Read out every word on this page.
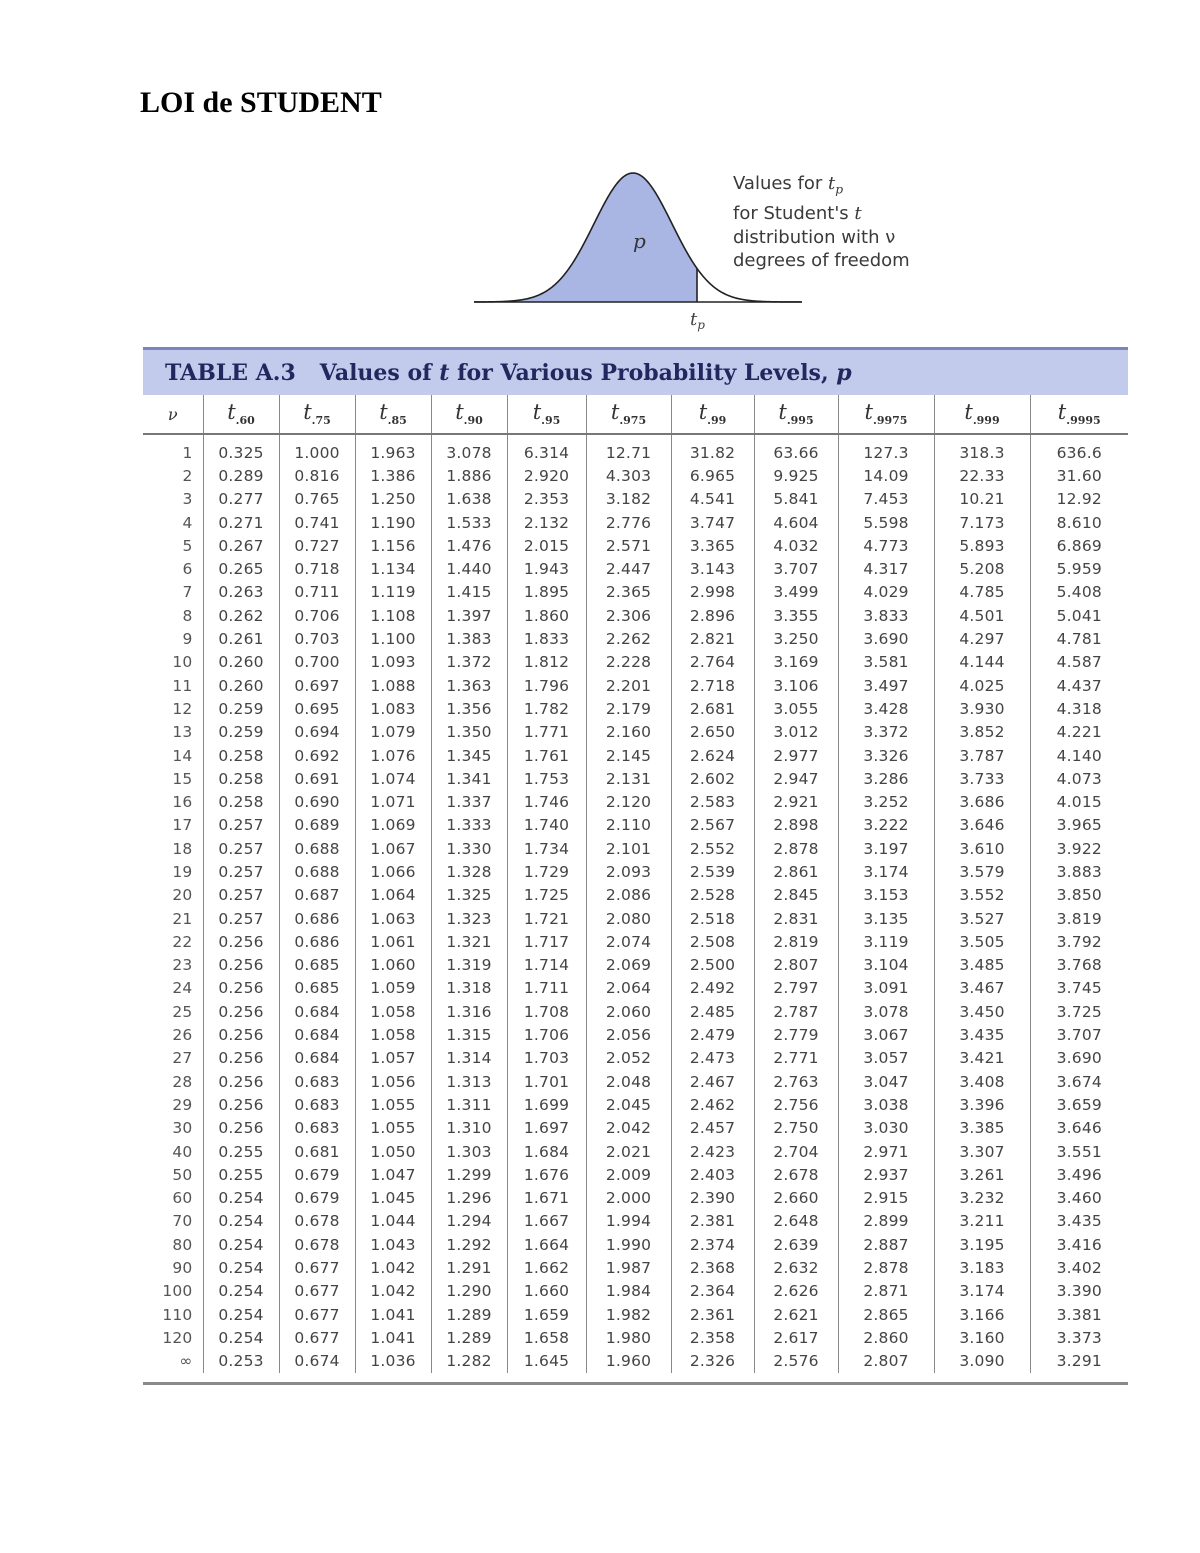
LOI de STUDENT
p
$t_p$
Values for $t_p$
for Student's t
distribution with ν
degrees of freedom
TABLE A.3 Values of t for Various Probability Levels, p
ν	$t_{.60}$	$t_{.75}$	$t_{.85}$	$t_{.90}$	$t_{.95}$	$t_{.975}$	$t_{.99}$	$t_{.995}$	$t_{.9975}$	$t_{.999}$	$t_{.9995}$
1	0.325	1.000	1.963	3.078	6.314	12.71	31.82	63.66	127.3	318.3	636.6
2	0.289	0.816	1.386	1.886	2.920	4.303	6.965	9.925	14.09	22.33	31.60
3	0.277	0.765	1.250	1.638	2.353	3.182	4.541	5.841	7.453	10.21	12.92
4	0.271	0.741	1.190	1.533	2.132	2.776	3.747	4.604	5.598	7.173	8.610
5	0.267	0.727	1.156	1.476	2.015	2.571	3.365	4.032	4.773	5.893	6.869
6	0.265	0.718	1.134	1.440	1.943	2.447	3.143	3.707	4.317	5.208	5.959
7	0.263	0.711	1.119	1.415	1.895	2.365	2.998	3.499	4.029	4.785	5.408
8	0.262	0.706	1.108	1.397	1.860	2.306	2.896	3.355	3.833	4.501	5.041
9	0.261	0.703	1.100	1.383	1.833	2.262	2.821	3.250	3.690	4.297	4.781
10	0.260	0.700	1.093	1.372	1.812	2.228	2.764	3.169	3.581	4.144	4.587
11	0.260	0.697	1.088	1.363	1.796	2.201	2.718	3.106	3.497	4.025	4.437
12	0.259	0.695	1.083	1.356	1.782	2.179	2.681	3.055	3.428	3.930	4.318
13	0.259	0.694	1.079	1.350	1.771	2.160	2.650	3.012	3.372	3.852	4.221
14	0.258	0.692	1.076	1.345	1.761	2.145	2.624	2.977	3.326	3.787	4.140
15	0.258	0.691	1.074	1.341	1.753	2.131	2.602	2.947	3.286	3.733	4.073
16	0.258	0.690	1.071	1.337	1.746	2.120	2.583	2.921	3.252	3.686	4.015
17	0.257	0.689	1.069	1.333	1.740	2.110	2.567	2.898	3.222	3.646	3.965
18	0.257	0.688	1.067	1.330	1.734	2.101	2.552	2.878	3.197	3.610	3.922
19	0.257	0.688	1.066	1.328	1.729	2.093	2.539	2.861	3.174	3.579	3.883
20	0.257	0.687	1.064	1.325	1.725	2.086	2.528	2.845	3.153	3.552	3.850
21	0.257	0.686	1.063	1.323	1.721	2.080	2.518	2.831	3.135	3.527	3.819
22	0.256	0.686	1.061	1.321	1.717	2.074	2.508	2.819	3.119	3.505	3.792
23	0.256	0.685	1.060	1.319	1.714	2.069	2.500	2.807	3.104	3.485	3.768
24	0.256	0.685	1.059	1.318	1.711	2.064	2.492	2.797	3.091	3.467	3.745
25	0.256	0.684	1.058	1.316	1.708	2.060	2.485	2.787	3.078	3.450	3.725
26	0.256	0.684	1.058	1.315	1.706	2.056	2.479	2.779	3.067	3.435	3.707
27	0.256	0.684	1.057	1.314	1.703	2.052	2.473	2.771	3.057	3.421	3.690
28	0.256	0.683	1.056	1.313	1.701	2.048	2.467	2.763	3.047	3.408	3.674
29	0.256	0.683	1.055	1.311	1.699	2.045	2.462	2.756	3.038	3.396	3.659
30	0.256	0.683	1.055	1.310	1.697	2.042	2.457	2.750	3.030	3.385	3.646
40	0.255	0.681	1.050	1.303	1.684	2.021	2.423	2.704	2.971	3.307	3.551
50	0.255	0.679	1.047	1.299	1.676	2.009	2.403	2.678	2.937	3.261	3.496
60	0.254	0.679	1.045	1.296	1.671	2.000	2.390	2.660	2.915	3.232	3.460
70	0.254	0.678	1.044	1.294	1.667	1.994	2.381	2.648	2.899	3.211	3.435
80	0.254	0.678	1.043	1.292	1.664	1.990	2.374	2.639	2.887	3.195	3.416
90	0.254	0.677	1.042	1.291	1.662	1.987	2.368	2.632	2.878	3.183	3.402
100	0.254	0.677	1.042	1.290	1.660	1.984	2.364	2.626	2.871	3.174	3.390
110	0.254	0.677	1.041	1.289	1.659	1.982	2.361	2.621	2.865	3.166	3.381
120	0.254	0.677	1.041	1.289	1.658	1.980	2.358	2.617	2.860	3.160	3.373
∞	0.253	0.674	1.036	1.282	1.645	1.960	2.326	2.576	2.807	3.090	3.291
